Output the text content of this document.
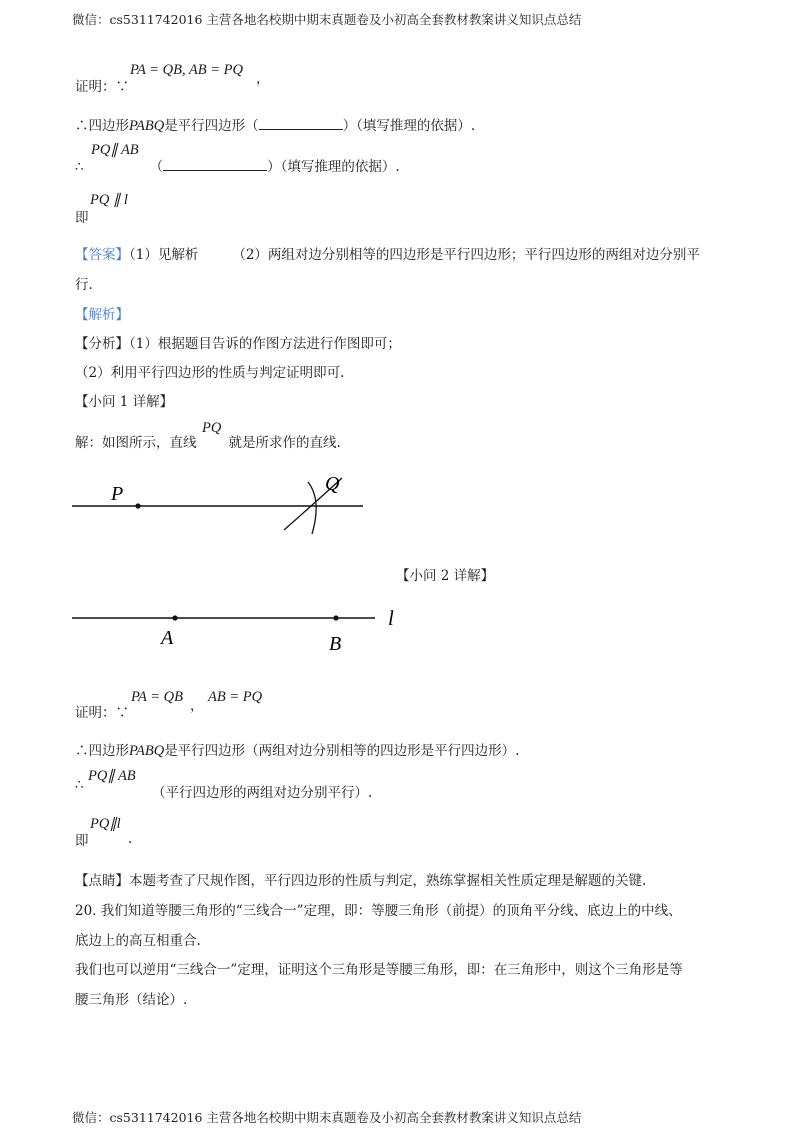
微信：cs5311742016 主营各地名校期中期末真题卷及小初高全套教材教案讲义知识点总结
PA = QB, AB = PQ
，
证明：∵
∴四边形PABQ是平行四边形（	）（填写推理的依据）.
PQ∥ AB
∴	（	）（填写推理的依据）.
PQ ∥ l
即
【答案】（1）见解析	（2）两组对边分别相等的四边形是平行四边形；平行四边形的两组对边分别平
行.
【解析】
【分析】（1）根据题目告诉的作图方法进行作图即可；
（2）利用平行四边形的性质与判定证明即可.
【小问 1 详解】
PQ
解：如图所示，直线 就是所求作的直线.
P	Q
【小问 2 详解】
A	B
l
PA = QB
，
AB = PQ
证明：∵
∴四边形PABQ是平行四边形（两组对边分别相等的四边形是平行四边形）.
PQ∥ AB
∴	（平行四边形的两组对边分别平行）.
PQ∥l
.
即
【点睛】本题考查了尺规作图，平行四边形的性质与判定，熟练掌握相关性质定理是解题的关键.
20. 我们知道等腰三角形的“三线合一”定理，即：等腰三角形（前提）的顶角平分线、底边上的中线、
底边上的高互相重合.
我们也可以逆用“三线合一”定理，证明这个三角形是等腰三角形，即：在三角形中，则这个三角形是等
腰三角形（结论）.
微信：cs5311742016 主营各地名校期中期末真题卷及小初高全套教材教案讲义知识点总结
